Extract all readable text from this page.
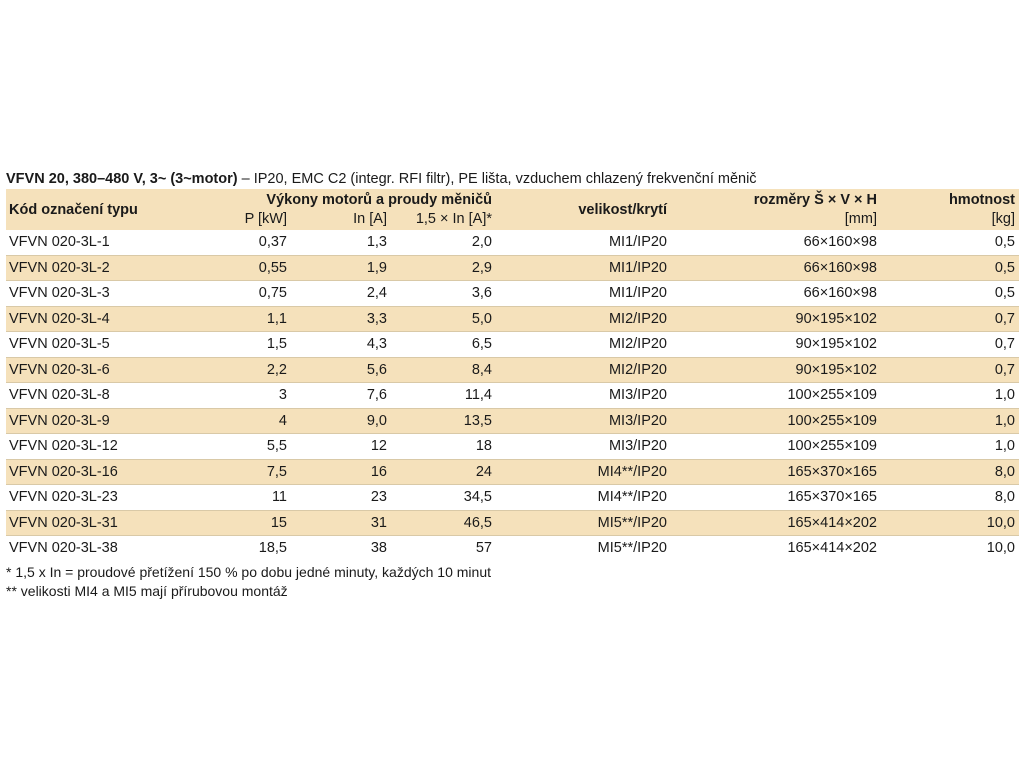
VFVN 20, 380–480 V, 3~ (3~motor) – IP20, EMC C2 (integr. RFI filtr), PE lišta, vzduchem chlazený frekvenční měnič
Kód označení typu	Výkony motorů a proudy měničů			velikost/krytí	rozměry Š × V × H	hmotnost
	P [kW]	In [A]	1,5 × In [A]*		[mm]	[kg]
VFVN 020-3L-1	0,37	1,3	2,0	MI1/IP20	66×160×98	0,5
VFVN 020-3L-2	0,55	1,9	2,9	MI1/IP20	66×160×98	0,5
VFVN 020-3L-3	0,75	2,4	3,6	MI1/IP20	66×160×98	0,5
VFVN 020-3L-4	1,1	3,3	5,0	MI2/IP20	90×195×102	0,7
VFVN 020-3L-5	1,5	4,3	6,5	MI2/IP20	90×195×102	0,7
VFVN 020-3L-6	2,2	5,6	8,4	MI2/IP20	90×195×102	0,7
VFVN 020-3L-8	3	7,6	11,4	MI3/IP20	100×255×109	1,0
VFVN 020-3L-9	4	9,0	13,5	MI3/IP20	100×255×109	1,0
VFVN 020-3L-12	5,5	12	18	MI3/IP20	100×255×109	1,0
VFVN 020-3L-16	7,5	16	24	MI4**/IP20	165×370×165	8,0
VFVN 020-3L-23	11	23	34,5	MI4**/IP20	165×370×165	8,0
VFVN 020-3L-31	15	31	46,5	MI5**/IP20	165×414×202	10,0
VFVN 020-3L-38	18,5	38	57	MI5**/IP20	165×414×202	10,0
* 1,5 x In = proudové přetížení 150 % po dobu jedné minuty, každých 10 minut
** velikosti MI4 a MI5 mají přírubovou montáž
